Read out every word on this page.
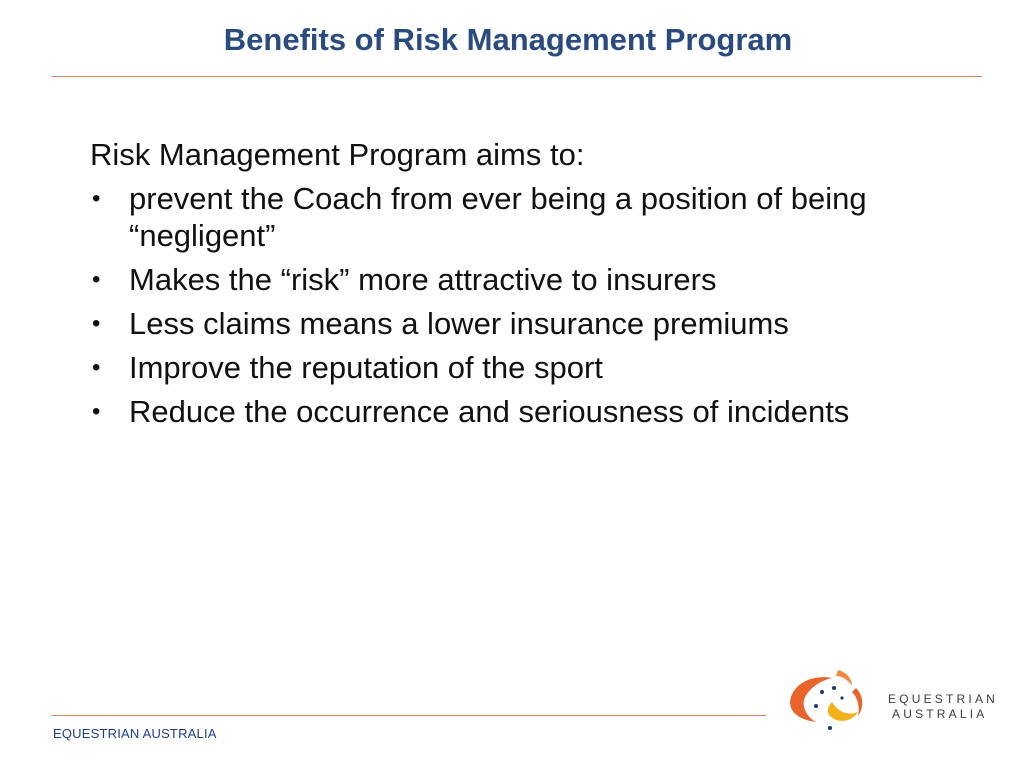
Benefits of Risk Management Program

Risk Management Program aims to:

• prevent the Coach from ever being a position of being “negligent”
• Makes the “risk” more attractive to insurers
• Less claims means a lower insurance premiums
• Improve the reputation of the sport
• Reduce the occurrence and seriousness of incidents
EQUESTRIAN AUSTRALIA
EQUESTRIAN
AUSTRALIA
